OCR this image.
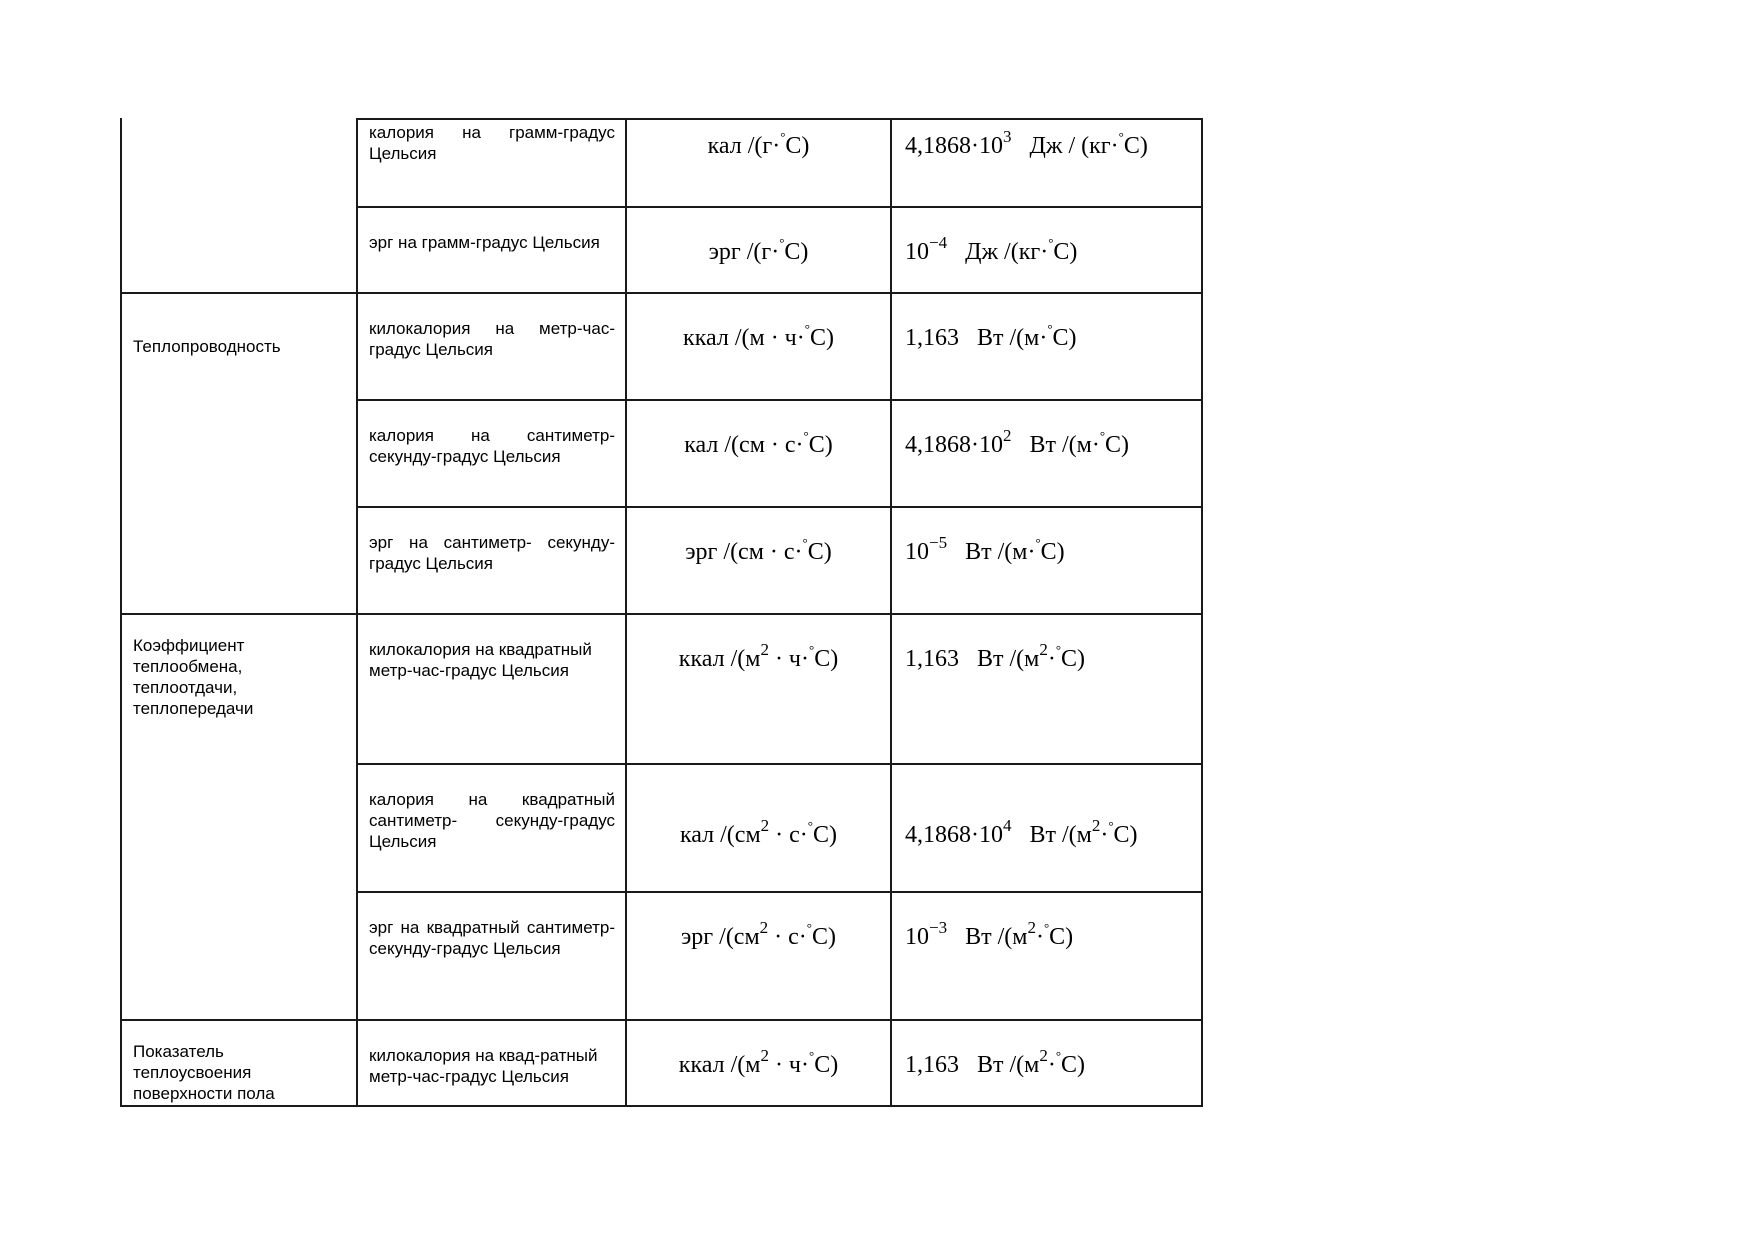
	калория на грамм-градус Цельсия	кал /(г·°С)	$4,1868\cdot 10^3$   Дж / (кг·°С)

	эрг на грамм-градус Цельсия	эрг /(г·°С)	$10^{-4}$   Дж /(кг·°С)

Теплопроводность	килокалория на метр-час-градус Цельсия	ккал /(м · ч·°С)	1,163   Вт /(м·°С)

	калория на сантиметр-секунду-градус Цельсия	кал /(см · с·°С)	$4,1868\cdot 10^2$   Вт /(м·°С)

	эрг на сантиметр- секунду-градус Цельсия	эрг /(см · с·°С)	$10^{-5}$   Вт /(м·°С)

Коэффициент теплообмена, теплоотдачи, теплопередачи	килокалория на квадратный метр-час-градус Цельсия	ккал $/(м^2 \cdot ч\cdot^\circ С)$	1,163   Вт $/(м^2\cdot^\circ С)$

	калория на квадратный сантиметр- секунду-градус Цельсия	кал $/(см^2 \cdot с\cdot^\circ С)$	$4,1868\cdot 10^4$   Вт $/(м^2\cdot^\circ С)$

	эрг на квадратный сантиметр- секунду-градус Цельсия	эрг $/(см^2 \cdot с\cdot^\circ С)$	$10^{-3}$   Вт $/(м^2\cdot^\circ С)$

Показатель теплоусвоения поверхности пола	килокалория на квад-ратный метр-час-градус Цельсия	ккал $/(м^2 \cdot ч\cdot^\circ С)$	1,163   Вт $/(м^2\cdot^\circ С)$
